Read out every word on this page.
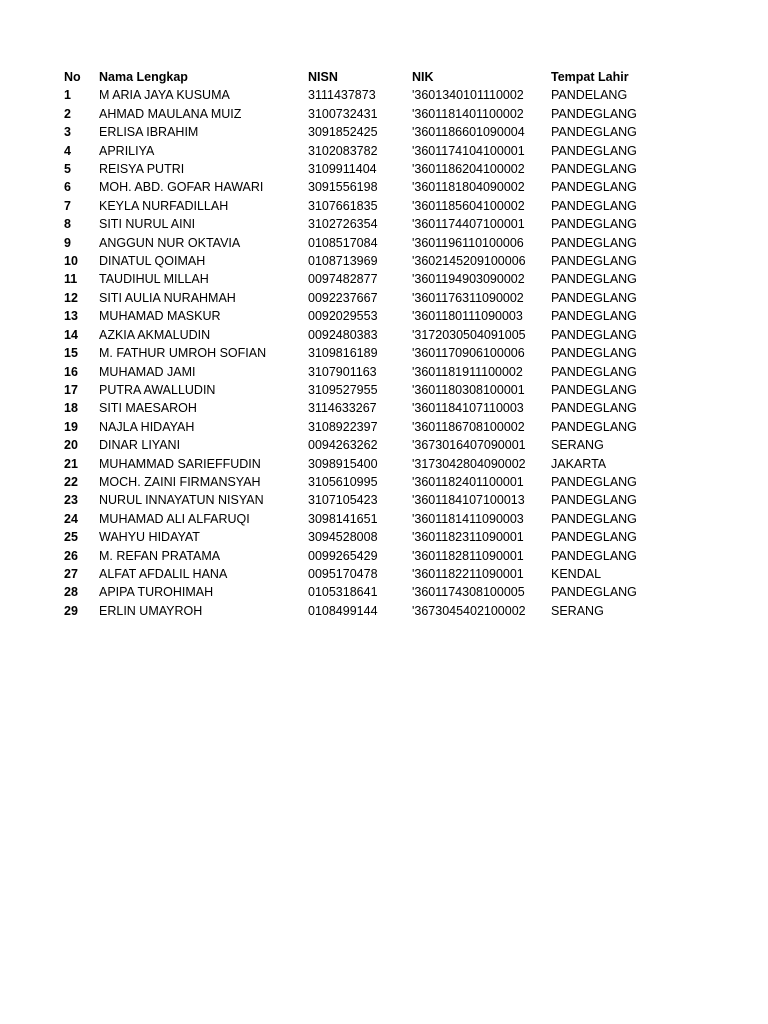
No	Nama Lengkap	NISN	NIK	Tempat Lahir
1	M ARIA JAYA KUSUMA	3111437873	'3601340101110002	PANDELANG
2	AHMAD MAULANA MUIZ	3100732431	'3601181401100002	PANDEGLANG
3	ERLISA IBRAHIM	3091852425	'3601186601090004	PANDEGLANG
4	APRILIYA	3102083782	'3601174104100001	PANDEGLANG
5	REISYA PUTRI	3109911404	'3601186204100002	PANDEGLANG
6	MOH. ABD. GOFAR HAWARI	3091556198	'3601181804090002	PANDEGLANG
7	KEYLA NURFADILLAH	3107661835	'3601185604100002	PANDEGLANG
8	SITI NURUL AINI	3102726354	'3601174407100001	PANDEGLANG
9	ANGGUN NUR OKTAVIA	0108517084	'3601196110100006	PANDEGLANG
10	DINATUL QOIMAH	0108713969	'3602145209100006	PANDEGLANG
11	TAUDIHUL MILLAH	0097482877	'3601194903090002	PANDEGLANG
12	SITI AULIA NURAHMAH	0092237667	'3601176311090002	PANDEGLANG
13	MUHAMAD MASKUR	0092029553	'3601180111090003	PANDEGLANG
14	AZKIA AKMALUDIN	0092480383	'3172030504091005	PANDEGLANG
15	M. FATHUR UMROH SOFIAN	3109816189	'3601170906100006	PANDEGLANG
16	MUHAMAD JAMI	3107901163	'3601181911100002	PANDEGLANG
17	PUTRA AWALLUDIN	3109527955	'3601180308100001	PANDEGLANG
18	SITI MAESAROH	3114633267	'3601184107110003	PANDEGLANG
19	NAJLA HIDAYAH	3108922397	'3601186708100002	PANDEGLANG
20	DINAR LIYANI	0094263262	'3673016407090001	SERANG
21	MUHAMMAD SARIEFFUDIN	3098915400	'3173042804090002	JAKARTA
22	MOCH. ZAINI FIRMANSYAH	3105610995	'3601182401100001	PANDEGLANG
23	NURUL INNAYATUN NISYAN	3107105423	'3601184107100013	PANDEGLANG
24	MUHAMAD ALI ALFARUQI	3098141651	'3601181411090003	PANDEGLANG
25	WAHYU HIDAYAT	3094528008	'3601182311090001	PANDEGLANG
26	M. REFAN PRATAMA	0099265429	'3601182811090001	PANDEGLANG
27	ALFAT AFDALIL HANA	0095170478	'3601182211090001	KENDAL
28	APIPA TUROHIMAH	0105318641	'3601174308100005	PANDEGLANG
29	ERLIN UMAYROH	0108499144	'3673045402100002	SERANG
